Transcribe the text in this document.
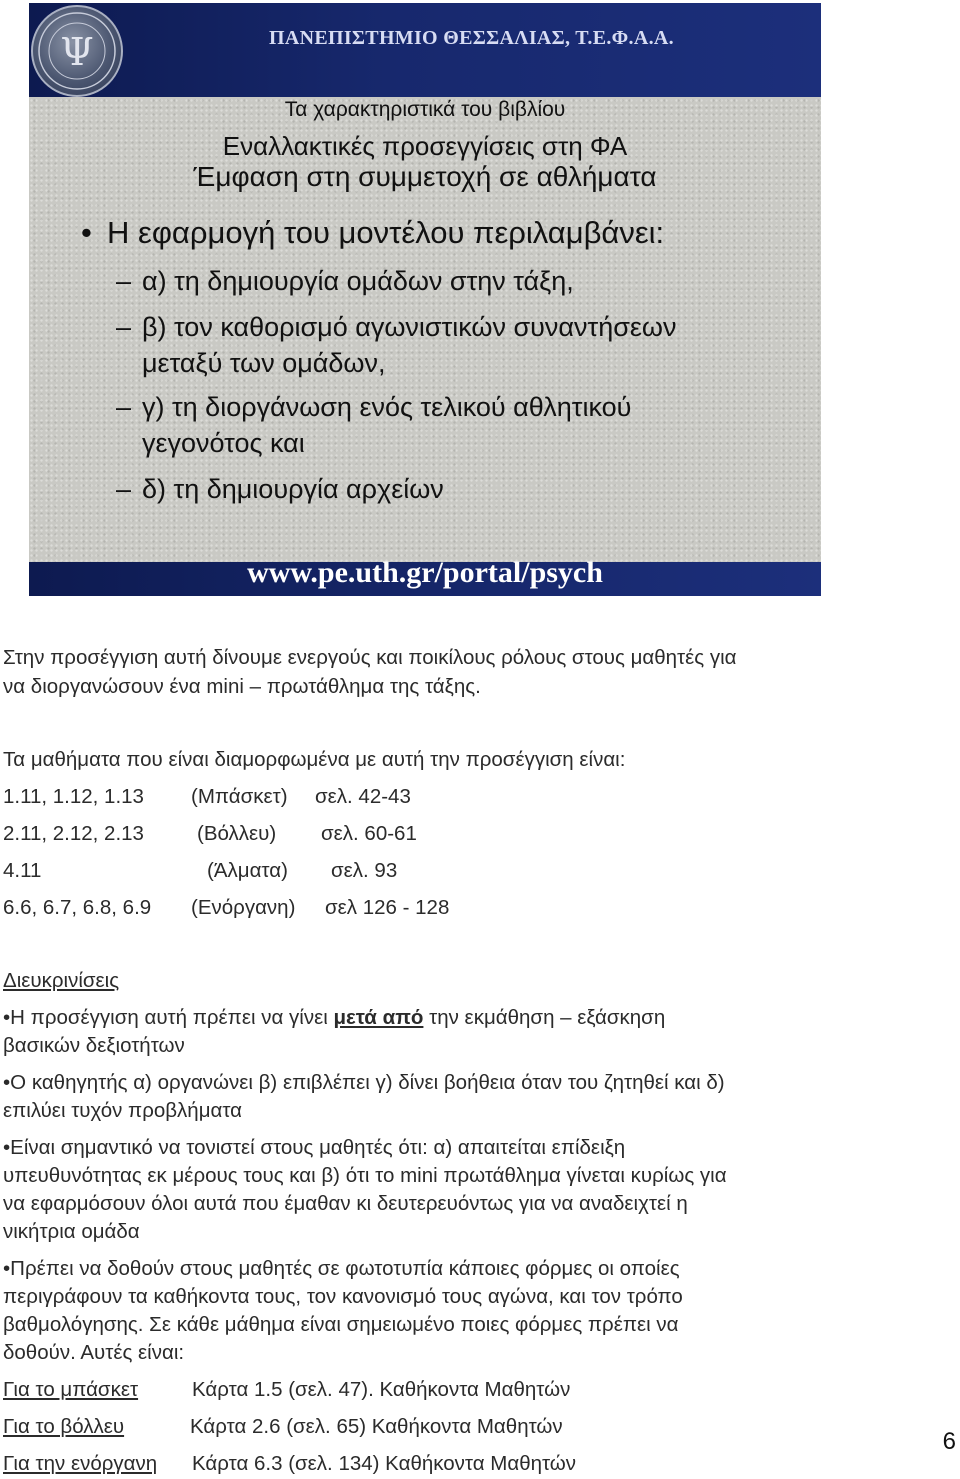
Ψ	ΠΑΝΕΠΙΣΤΗΜΙΟ ΘΕΣΣΑΛΙΑΣ, Τ.Ε.Φ.Α.Α.
Τα χαρακτηριστικά του βιβλίου
Εναλλακτικές προσεγγίσεις στη ΦΑ
Έμφαση στη συμμετοχή σε αθλήματα
• Η εφαρμογή του μοντέλου περιλαμβάνει:
– α) τη δημιουργία ομάδων στην τάξη,
– β) τον καθορισμό αγωνιστικών συναντήσεων
μεταξύ των ομάδων,
– γ) τη διοργάνωση ενός τελικού αθλητικού
γεγονότος και
– δ) τη δημιουργία αρχείων
www.pe.uth.gr/portal/psych
Στην προσέγγιση αυτή δίνουμε ενεργούς και ποικίλους ρόλους στους μαθητές για
να διοργανώσουν ένα mini – πρωτάθλημα της τάξης.
Τα μαθήματα που είναι διαμορφωμένα με αυτή την προσέγγιση είναι:
1.11, 1.12, 1.13 (Μπάσκετ) σελ. 42-43
2.11, 2.12, 2.13	(Βόλλευ) σελ. 60-61
4.11	(Άλματα) σελ. 93
6.6, 6.7, 6.8, 6.9 (Ενόργανη) σελ 126 - 128
Διευκρινίσεις
•Η προσέγγιση αυτή πρέπει να γίνει μετά από την εκμάθηση – εξάσκηση
βασικών δεξιοτήτων
•Ο καθηγητής α) οργανώνει β) επιβλέπει γ) δίνει βοήθεια όταν του ζητηθεί και δ)
επιλύει τυχόν προβλήματα
•Είναι σημαντικό να τονιστεί στους μαθητές ότι: α) απαιτείται επίδειξη
υπευθυνότητας εκ μέρους τους και β) ότι το mini πρωτάθλημα γίνεται κυρίως για
να εφαρμόσουν όλοι αυτά που έμαθαν κι δευτερευόντως για να αναδειχτεί η
νικήτρια ομάδα
•Πρέπει να δοθούν στους μαθητές σε φωτοτυπία κάποιες φόρμες οι οποίες
περιγράφουν τα καθήκοντα τους, τον κανονισμό τους αγώνα, και τον τρόπο
βαθμολόγησης. Σε κάθε μάθημα είναι σημειωμένο ποιες φόρμες πρέπει να
δοθούν. Αυτές είναι:
Για το μπάσκετ	Κάρτα 1.5 (σελ. 47). Καθήκοντα Μαθητών
Για το βόλλευ	Κάρτα 2.6 (σελ. 65) Καθήκοντα Μαθητών
Για την ενόργανη Κάρτα 6.3 (σελ. 134) Καθήκοντα Μαθητών
6
